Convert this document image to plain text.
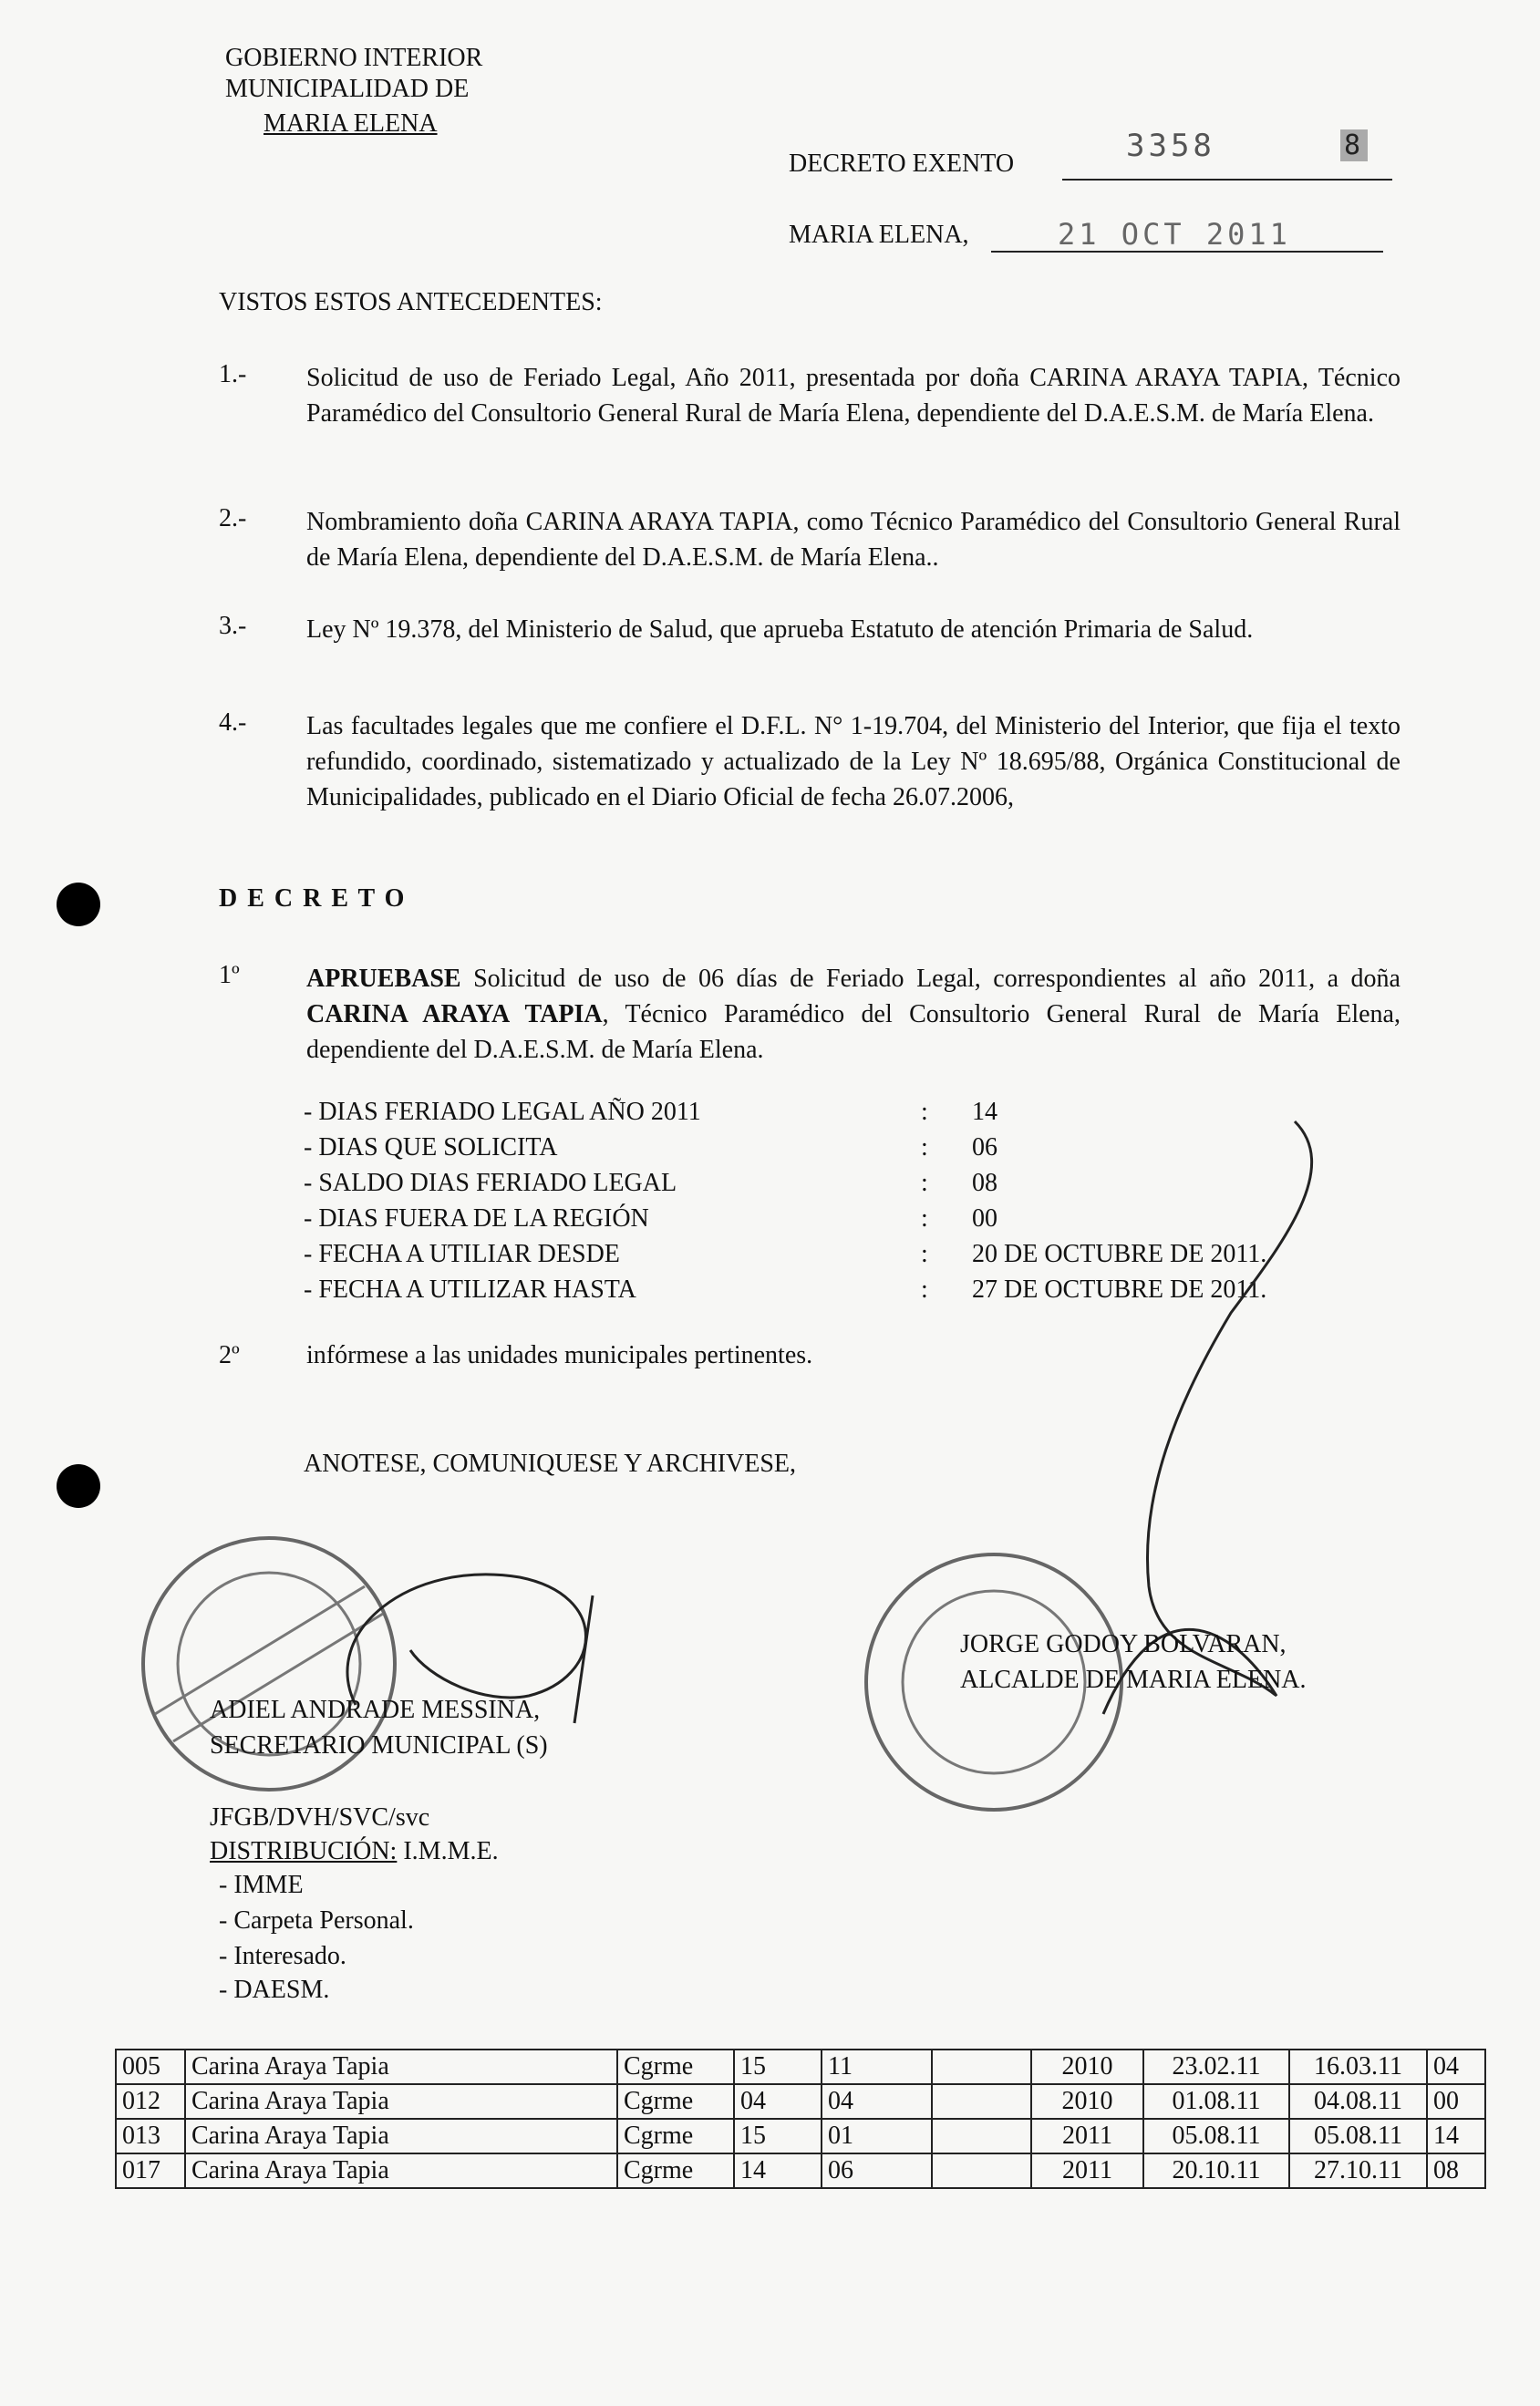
GOBIERNO INTERIOR
MUNICIPALIDAD DE
MARIA ELENA
DECRETO EXENTO	3358	8
MARIA ELENA,	21 OCT 2011
VISTOS ESTOS ANTECEDENTES:
1.- Solicitud de uso de Feriado Legal, Año 2011, presentada por doña CARINA ARAYA TAPIA, Técnico Paramédico del Consultorio General Rural de María Elena, dependiente del D.A.E.S.M. de María Elena.
2.- Nombramiento doña CARINA ARAYA TAPIA, como Técnico Paramédico del Consultorio General Rural de María Elena, dependiente del D.A.E.S.M. de María Elena..
3.- Ley Nº 19.378, del Ministerio de Salud, que aprueba Estatuto de atención Primaria de Salud.
4.- Las facultades legales que me confiere el D.F.L. N° 1-19.704, del Ministerio del Interior, que fija el texto refundido, coordinado, sistematizado y actualizado de la Ley Nº 18.695/88, Orgánica Constitucional de Municipalidades, publicado en el Diario Oficial de fecha 26.07.2006,
D E C R E T O
1º	APRUEBASE Solicitud de uso de 06 días de Feriado Legal, correspondientes al año 2011, a doña CARINA ARAYA TAPIA, Técnico Paramédico del Consultorio General Rural de María Elena, dependiente del D.A.E.S.M. de María Elena.
- DIAS FERIADO LEGAL AÑO 2011	: 14
- DIAS QUE SOLICITA	: 06
- SALDO DIAS FERIADO LEGAL	: 08
- DIAS FUERA DE LA REGIÓN	: 00
- FECHA A UTILIAR DESDE	: 20 DE OCTUBRE DE 2011.
- FECHA A UTILIZAR HASTA	: 27 DE OCTUBRE DE 2011.
2º	infórmese a las unidades municipales pertinentes.
ANOTESE, COMUNIQUESE Y ARCHIVESE,
ADIEL ANDRADE MESSINA,
SECRETARIO MUNICIPAL (S)
JORGE GODOY BOLVARAN,
ALCALDE DE MARIA ELENA.
JFGB/DVH/SVC/svc
DISTRIBUCIÓN: I.M.M.E.
- IMME
- Carpeta Personal.
- Interesado.
- DAESM.
005	Carina Araya Tapia	Cgrme	15	11		2010	23.02.11	16.03.11	04
012	Carina Araya Tapia	Cgrme	04	04		2010	01.08.11	04.08.11	00
013	Carina Araya Tapia	Cgrme	15	01		2011	05.08.11	05.08.11	14
017	Carina Araya Tapia	Cgrme	14	06		2011	20.10.11	27.10.11	08
